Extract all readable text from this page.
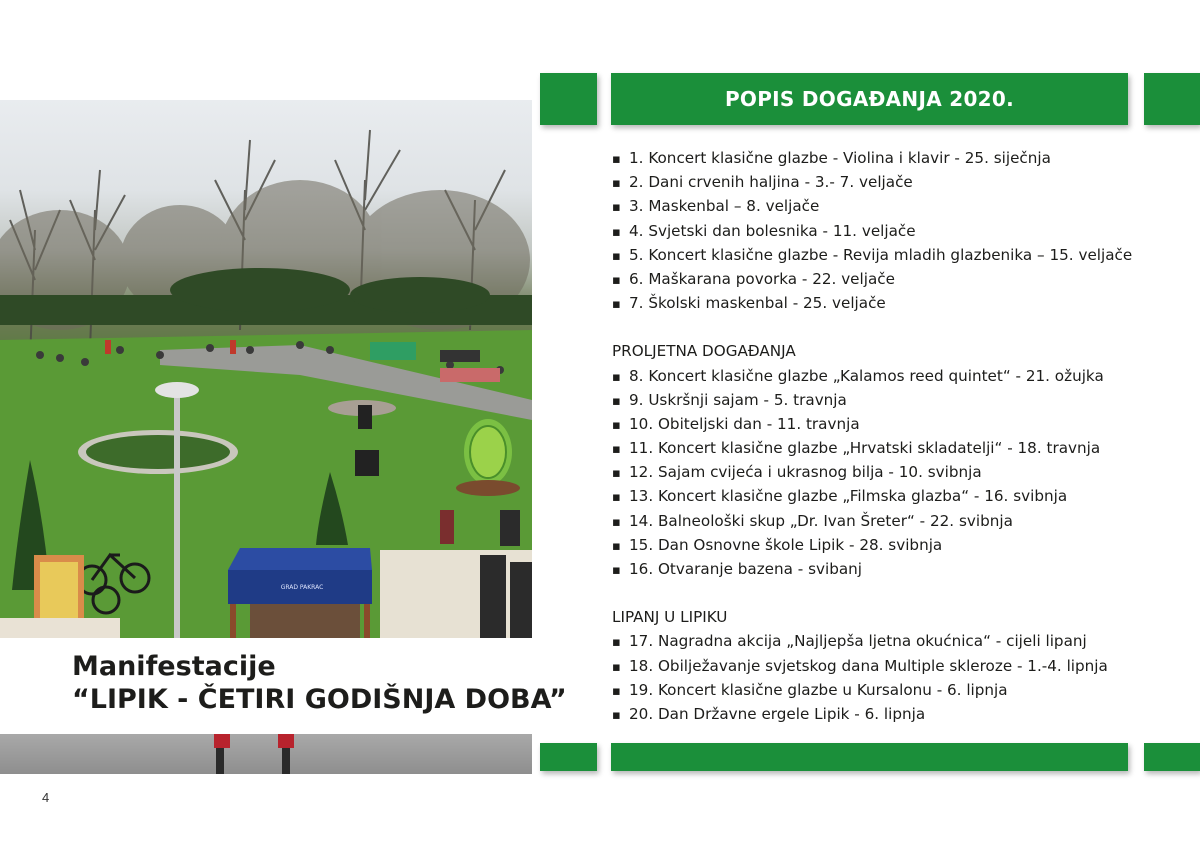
GRAD PAKRAC
Manifestacije
“LIPIK - ČETIRI GODIŠNJA DOBA”
4
POPIS DOGAĐANJA 2020.
▪ 1. Koncert klasične glazbe - Violina i klavir - 25. siječnja
▪ 2. Dani crvenih haljina - 3.- 7. veljače
▪ 3. Maskenbal – 8. veljače
▪ 4. Svjetski dan bolesnika - 11. veljače
▪ 5. Koncert klasične glazbe - Revija mladih glazbenika – 15. veljače
▪ 6. Maškarana povorka - 22. veljače
▪ 7. Školski maskenbal - 25. veljače
PROLJETNA DOGAĐANJA
▪ 8. Koncert klasične glazbe „Kalamos reed quintet“ - 21. ožujka
▪ 9. Uskršnji sajam - 5. travnja
▪ 10. Obiteljski dan - 11. travnja
▪ 11. Koncert klasične glazbe „Hrvatski skladatelji“ - 18. travnja
▪ 12. Sajam cvijeća i ukrasnog bilja - 10. svibnja
▪ 13. Koncert klasične glazbe „Filmska glazba“ - 16. svibnja
▪ 14. Balneološki skup „Dr. Ivan Šreter“ - 22. svibnja
▪ 15. Dan Osnovne škole Lipik - 28. svibnja
▪ 16. Otvaranje bazena - svibanj
LIPANJ U LIPIKU
▪ 17. Nagradna akcija „Najljepša ljetna okućnica“ - cijeli lipanj
▪ 18. Obilježavanje svjetskog dana Multiple skleroze - 1.-4. lipnja
▪ 19. Koncert klasične glazbe u Kursalonu - 6. lipnja
▪ 20. Dan Državne ergele Lipik - 6. lipnja
